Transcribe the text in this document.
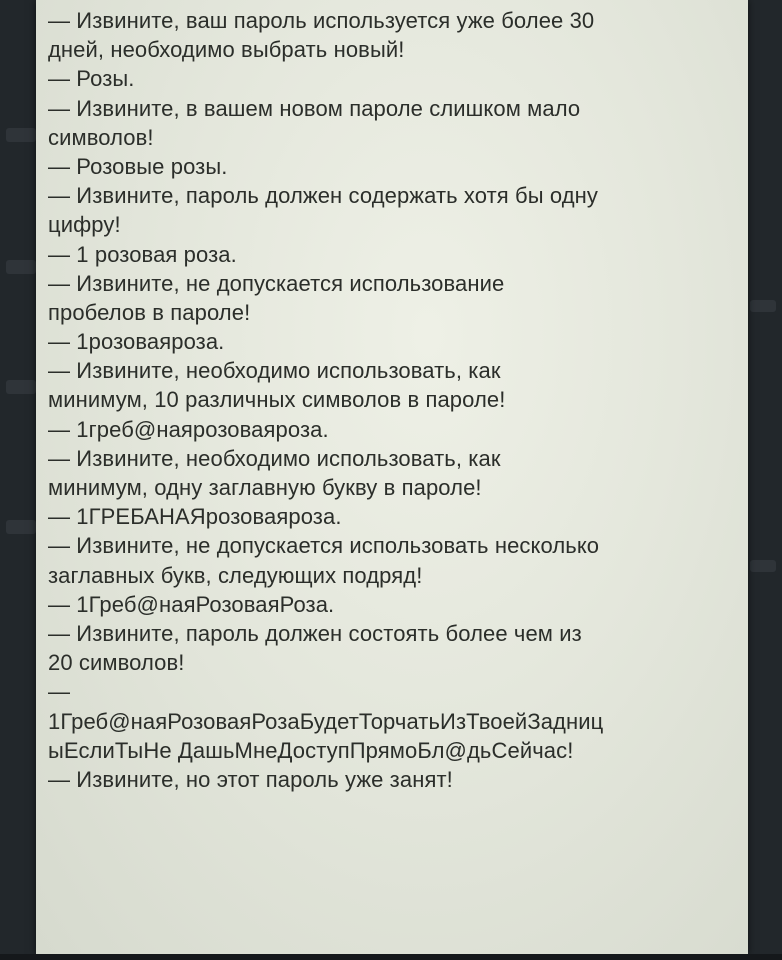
— Извините, ваш пароль используется уже более 30
дней, необходимо выбрать новый!
— Розы.
— Извините, в вашем новом пароле слишком мало
символов!
— Розовые розы.
— Извините, пароль должен содержать хотя бы одну
цифру!
— 1 розовая роза.
— Извините, не допускается использование
пробелов в пароле!
— 1розоваяроза.
— Извините, необходимо использовать, как
минимум, 10 различных символов в пароле!
— 1греб@наярозоваяроза.
— Извините, необходимо использовать, как
минимум, одну заглавную букву в пароле!
— 1ГРЕБАНАЯрозоваяроза.
— Извините, не допускается использовать несколько
заглавных букв, следующих подряд!
— 1Греб@наяРозоваяРоза.
— Извините, пароль должен состоять более чем из
20 символов!
—
1Греб@наяРозоваяРозаБудетТорчатьИзТвоейЗадниц
ыЕслиТыНе ДашьМнеДоступПрямоБл@дьСейчас!
— Извините, но этот пароль уже занят!
